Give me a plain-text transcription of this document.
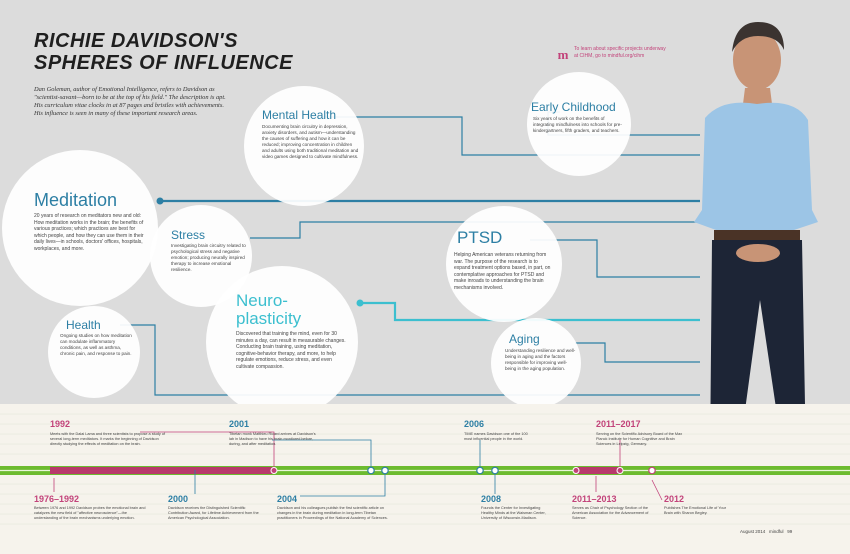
RICHIE DAVIDSON'S
SPHERES OF INFLUENCE
Dan Goleman, author of Emotional Intelligence, refers to Davidson as "scientist-savant—born to be at the top of his field." The description is apt. His curriculum vitae clocks in at 87 pages and bristles with achievements. His influence is seen in many of these important research areas.
m To learn about specific projects underway at CIHM, go to mindful.org/cihm
Mental Health
Documenting brain circuitry in depression, anxiety disorders, and autism—understanding the causes of suffering and how it can be reduced; improving concentration in children and adults using both traditional meditation and video games designed to cultivate mindfulness.
Early Childhood
Six years of work on the benefits of integrating mindfulness into schools for pre-kindergartners, fifth graders, and teachers.
Meditation
20 years of research on meditators new and old: How meditation works in the brain; the benefits of various practices; which practices are best for which people, and how they can use them in their daily lives—in schools, doctors' offices, hospitals, workplaces, and more.
Stress
Investigating brain circuitry related to psychological stress and negative emotion; producing neurally inspired therapy to increase emotional resilience.
PTSD
Helping American veterans returning from war. The purpose of the research is to expand treatment options based, in part, on contemplative approaches for PTSD and make inroads to understanding the brain mechanisms involved.
Neuro-
plasticity
Discovered that training the mind, even for 30 minutes a day, can result in measurable changes. Conducting brain training, using meditation, cognitive-behavior therapy, and more, to help regulate emotions, reduce stress, and even cultivate compassion.
Health
Ongoing studies on how meditation can modulate inflammatory conditions, as well as asthma, chronic pain, and response to pain.
Aging
Understanding resilience and well-being in aging and the factors responsible for improving well-being in the aging population.
1992
Meets with the Dalai Lama and three scientists to propose a study of several long-term meditators. It marks the beginning of Davidson directly studying the effects of meditation on the brain.
2001
Tibetan monk Matthieu Ricard arrives at Davidson's lab in Madison to have his brain monitored before, during, and after meditation.
2006
TIME names Davidson one of the 100 most influential people in the world.
2011–2017
Serving on the Scientific Advisory Board of the Max Planck Institute for Human Cognitive and Brain Sciences in Leipzig, Germany.
1976–1992
Between 1976 and 1992 Davidson probes the emotional brain and catalyzes the new field of "affective neuroscience"—the understanding of the brain mechanisms underlying emotion.
2000
Davidson receives the Distinguished Scientific Contribution Award, for Lifetime Achievement from the American Psychological Association.
2004
Davidson and his colleagues publish the first scientific article on changes in the brain during meditation in long-term Tibetan practitioners in Proceedings of the National Academy of Sciences.
2008
Founds the Center for Investigating Healthy Minds at the Waisman Center, University of Wisconsin-Madison.
2011–2013
Serves as Chair of Psychology Section of the American Association for the Advancement of Science.
2012
Publishes The Emotional Life of Your Brain with Sharon Begley.
August 2014   mindful   99
